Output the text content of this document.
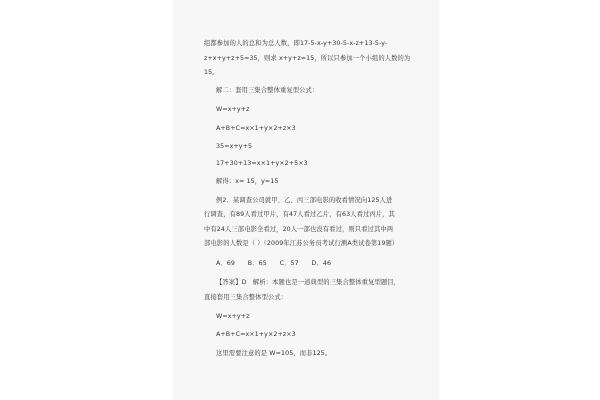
组都参加的人的总和为总人数，即17-5-x-y+30-5-x-z+13-5-y-
z+x+y+z+5=35，则求 x+y+z=15，所以只参加一个小组的人数的为
15。
解二：套用三集合整体重复型公式：
W=x+y+z
A+B+C=x×1+y×2+z×3
35=x+y+5
17+30+13=x×1+y×2+5×3
解得：x= 15，y=15
例2．某调查公司就甲、乙、丙三部电影的收看情况向125人进
行调查，有89人看过甲片，有47人看过乙片，有63人看过丙片，其
中有24人三部电影全看过，20人一部也没有看过，则只看过其中两
部电影的人数是（ ）（2009年江苏公务员考试行测A类试卷第19题）
A．69　　B．65　　C．57　　D．46
【答案】D　解析：本题也是一道典型的三集合整体重复型题目，
直接套用三集合整体型公式：
W=x+y+z
A+B+C=x×1+y×2+z×3
这里需要注意的是 W=105，而非125。
